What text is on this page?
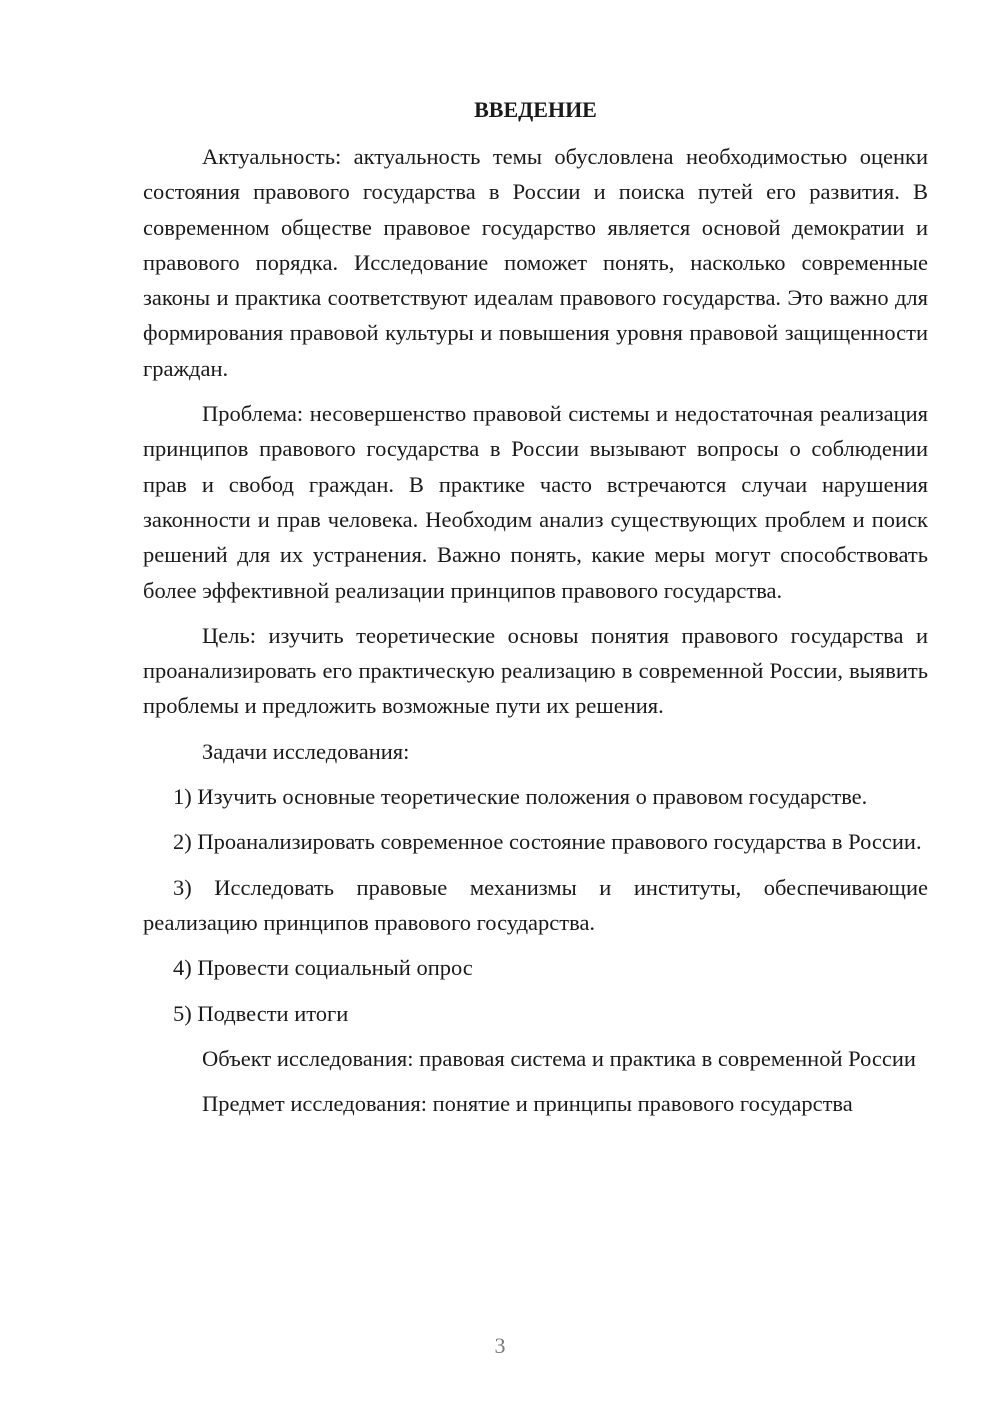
ВВЕДЕНИЕ

Актуальность: актуальность темы обусловлена необходимостью оценки состояния правового государства в России и поиска путей его развития. В современном обществе правовое государство является основой демократии и правового порядка. Исследование поможет понять, насколько современные законы и практика соответствуют идеалам правового государства. Это важно для формирования правовой культуры и повышения уровня правовой защищенности граждан.

Проблема: несовершенство правовой системы и недостаточная реализация принципов правового государства в России вызывают вопросы о соблюдении прав и свобод граждан. В практике часто встречаются случаи нарушения законности и прав человека. Необходим анализ существующих проблем и поиск решений для их устранения. Важно понять, какие меры могут способствовать более эффективной реализации принципов правового государства.

Цель: изучить теоретические основы понятия правового государства и проанализировать его практическую реализацию в современной России, выявить проблемы и предложить возможные пути их решения.

Задачи исследования:

1) Изучить основные теоретические положения о правовом государстве.

2) Проанализировать современное состояние правового государства в России.

3) Исследовать правовые механизмы и институты, обеспечивающие реализацию принципов правового государства.

4) Провести социальный опрос

5) Подвести итоги

Объект исследования: правовая система и практика в современной России

Предмет исследования: понятие и принципы правового государства

3
